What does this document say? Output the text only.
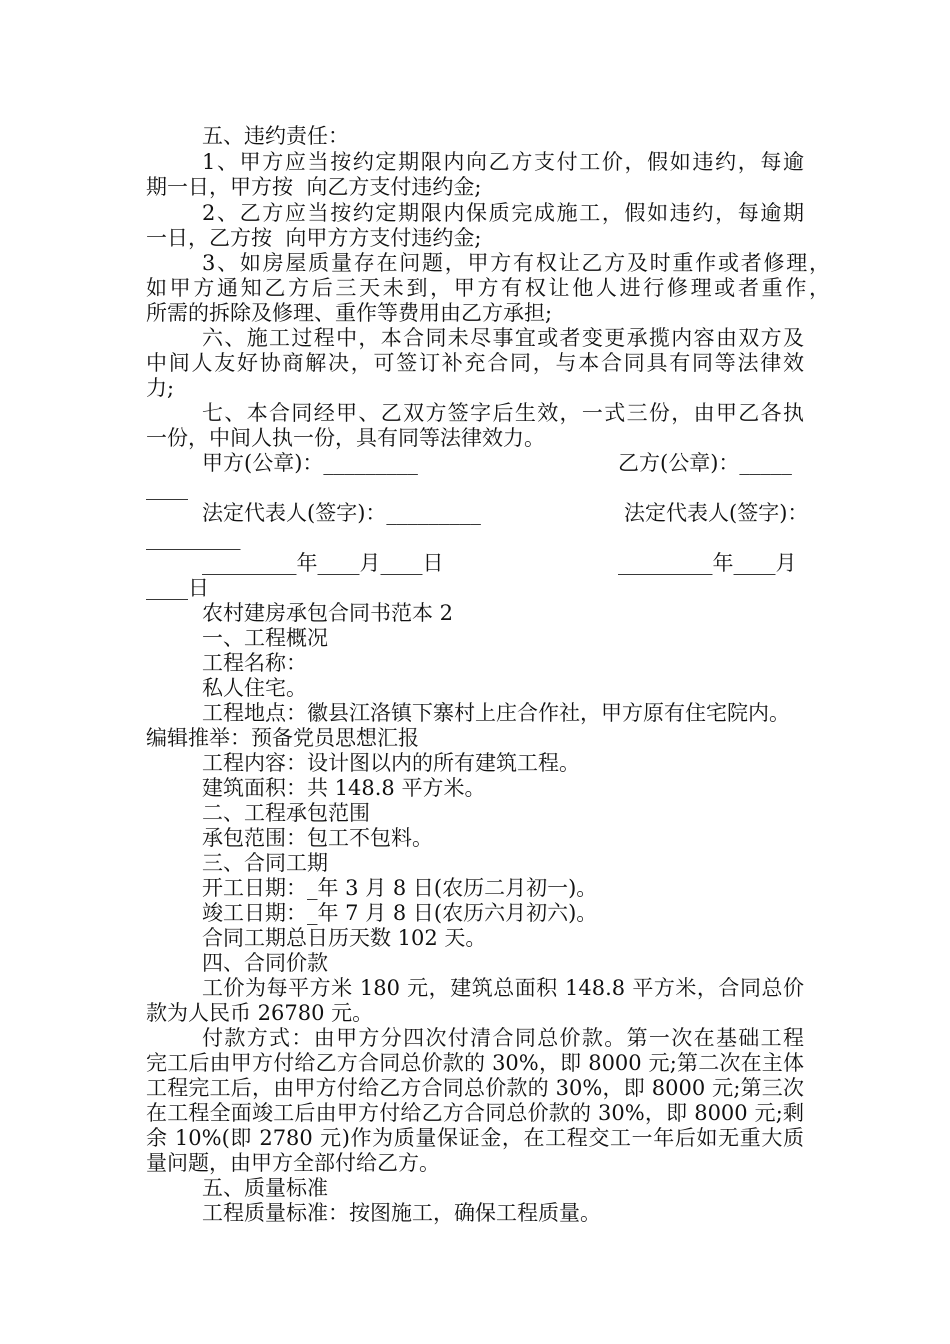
五、违约责任：
1、甲方应当按约定期限内向乙方支付工价，假如违约，每逾
期一日，甲方按  向乙方支付违约金;
2、乙方应当按约定期限内保质完成施工，假如违约，每逾期
一日，乙方按  向甲方方支付违约金;
3、如房屋质量存在问题，甲方有权让乙方及时重作或者修理，
如甲方通知乙方后三天未到，甲方有权让他人进行修理或者重作，
所需的拆除及修理、重作等费用由乙方承担;
六、施工过程中，本合同未尽事宜或者变更承揽内容由双方及
中间人友好协商解决，可签订补充合同，与本合同具有同等法律效
力;
七、本合同经甲、乙双方签字后生效，一式三份，由甲乙各执
一份，中间人执一份，具有同等法律效力。
甲方(公章)：_________	乙方(公章)：_____
____
法定代表人(签字)：_________	法定代表人(签字)：
_________
_________年____月____日	_________年____月
____日
农村建房承包合同书范本 2
一、工程概况
工程名称：
私人住宅。
工程地点：徽县江洛镇下寨村上庄合作社，甲方原有住宅院内。
编辑推举：预备党员思想汇报
工程内容：设计图以内的所有建筑工程。
建筑面积：共 148.8 平方米。
二、工程承包范围
承包范围：包工不包料。
三、合同工期
开工日期：_年 3 月 8 日(农历二月初一)。
竣工日期：_年 7 月 8 日(农历六月初六)。
合同工期总日历天数 102 天。
四、合同价款
工价为每平方米 180 元，建筑总面积 148.8 平方米，合同总价
款为人民币 26780 元。
付款方式：由甲方分四次付清合同总价款。第一次在基础工程
完工后由甲方付给乙方合同总价款的 30%，即 8000 元;第二次在主体
工程完工后，由甲方付给乙方合同总价款的 30%，即 8000 元;第三次
在工程全面竣工后由甲方付给乙方合同总价款的 30%，即 8000 元;剩
余 10%(即 2780 元)作为质量保证金，在工程交工一年后如无重大质
量问题，由甲方全部付给乙方。
五、质量标准
工程质量标准：按图施工，确保工程质量。
